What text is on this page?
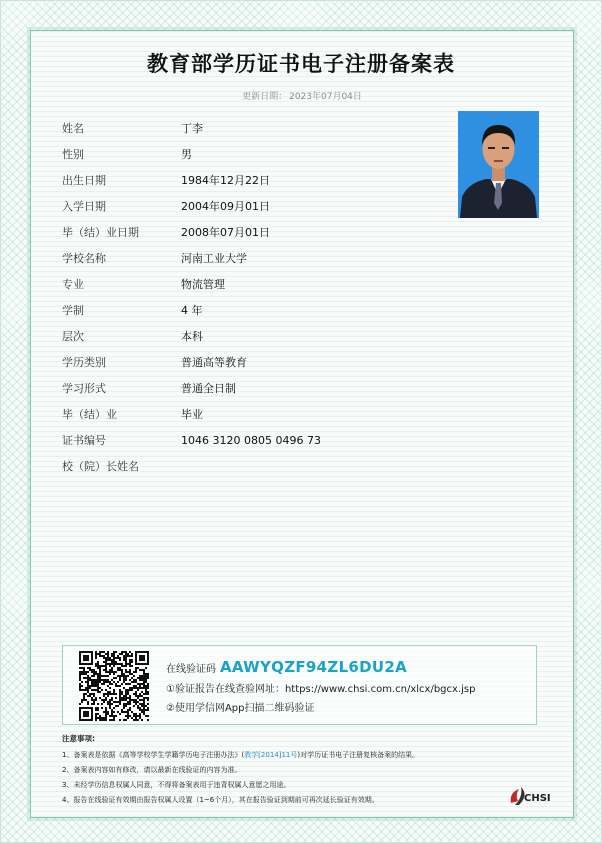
教育部学历证书电子注册备案表
更新日期： 2023年07月04日
姓名	丁李
性别	男
出生日期	1984年12月22日
入学日期	2004年09月01日
毕（结）业日期	2008年07月01日
学校名称	河南工业大学
专业	物流管理
学制	4 年
层次	本科
学历类别	普通高等教育
学习形式	普通全日制
毕（结）业	毕业
证书编号	1046 3120 0805 0496 73
校（院）长姓名
在线验证码 AAWYQZF94ZL6DU2A
①验证报告在线查验网址：https://www.chsi.com.cn/xlcx/bgcx.jsp
②使用学信网App扫描二维码验证
注意事项:
1、备案表是依据《高等学校学生学籍学历电子注册办法》(教学[2014]11号)对学历证书电子注册复核备案的结果。
2、备案表内容如有修改，请以最新在线验证的内容为准。
3、未经学历信息权属人同意，不得将备案表用于违背权属人意愿之用途。
4、报告在线验证有效期由报告权属人设置（1~6个月），其在报告验证到期前可再次延长验证有效期。	CHSI
